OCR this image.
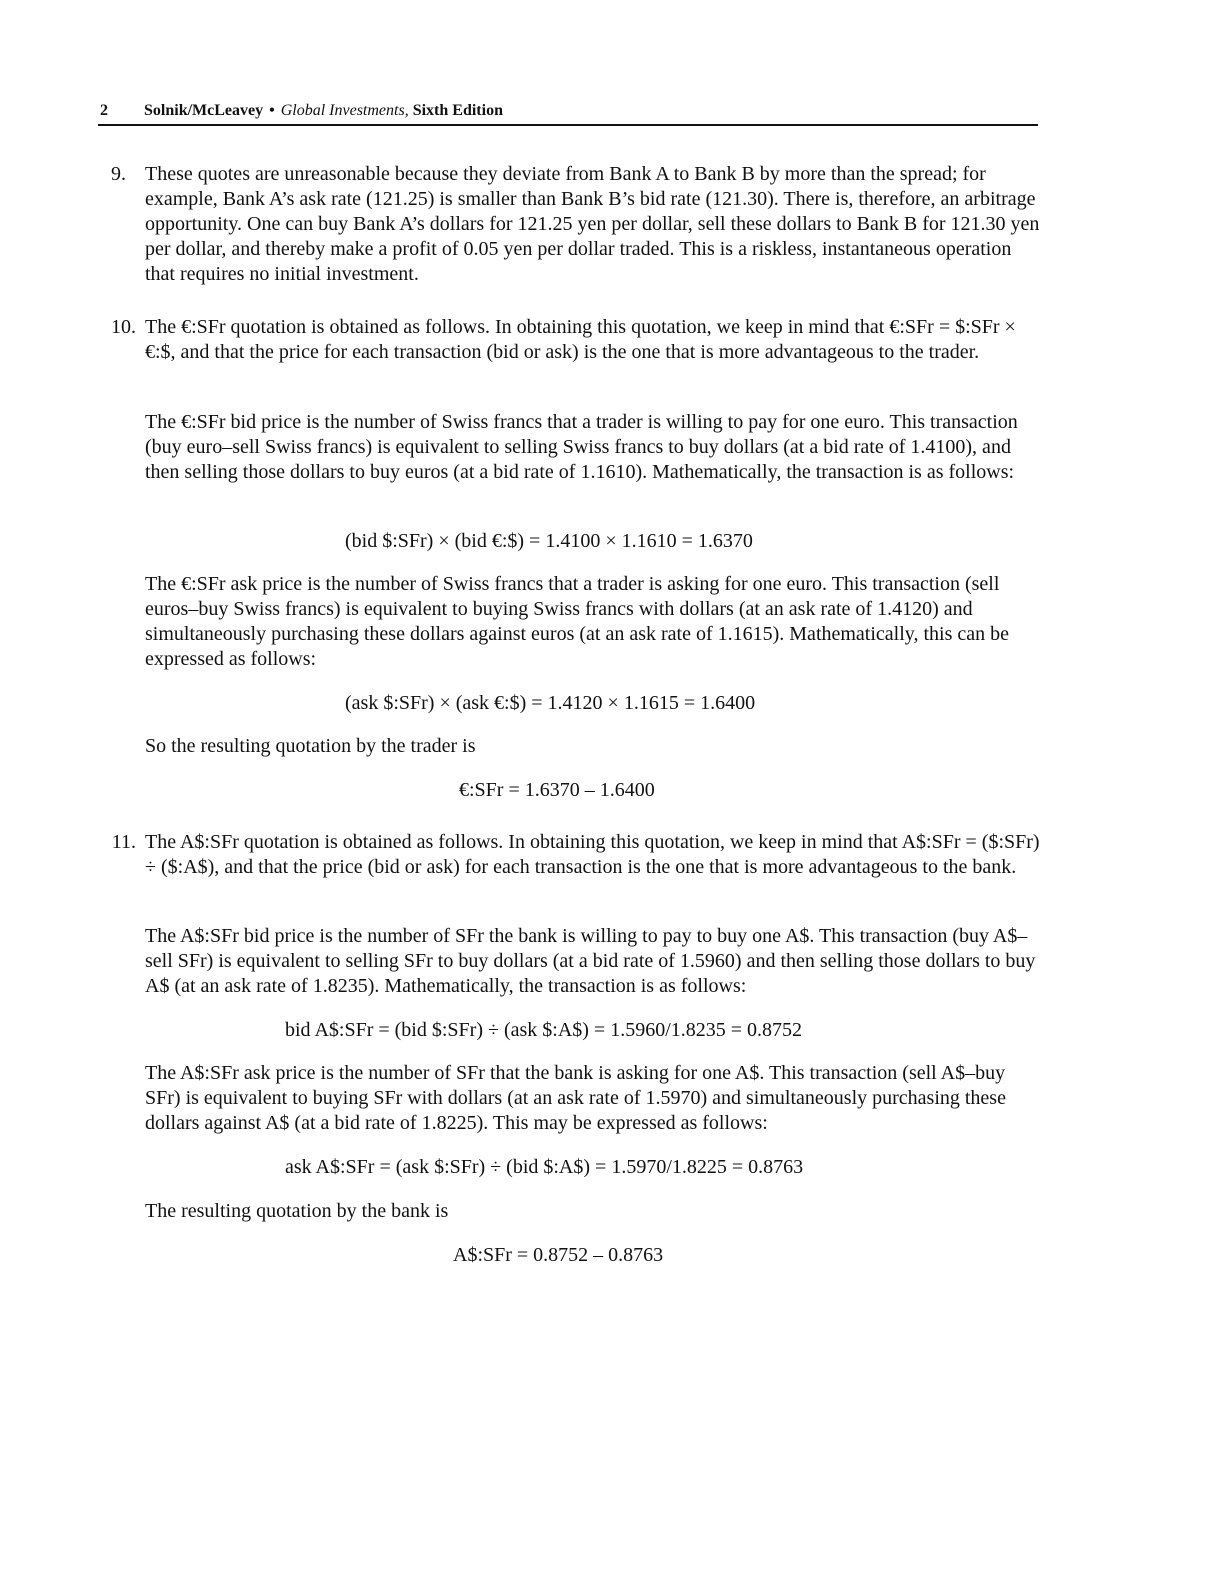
2 Solnik/McLeavey • Global Investments, Sixth Edition
9. These quotes are unreasonable because they deviate from Bank A to Bank B by more than the spread; for example, Bank A’s ask rate (121.25) is smaller than Bank B’s bid rate (121.30). There is, therefore, an arbitrage opportunity. One can buy Bank A’s dollars for 121.25 yen per dollar, sell these dollars to Bank B for 121.30 yen per dollar, and thereby make a profit of 0.05 yen per dollar traded. This is a riskless, instantaneous operation that requires no initial investment.

10. The €:SFr quotation is obtained as follows. In obtaining this quotation, we keep in mind that €:SFr = $:SFr × €:$, and that the price for each transaction (bid or ask) is the one that is more advantageous to the trader.

The €:SFr bid price is the number of Swiss francs that a trader is willing to pay for one euro. This transaction (buy euro–sell Swiss francs) is equivalent to selling Swiss francs to buy dollars (at a bid rate of 1.4100), and then selling those dollars to buy euros (at a bid rate of 1.1610). Mathematically, the transaction is as follows:

(bid $:SFr) × (bid €:$) = 1.4100 × 1.1610 = 1.6370

The €:SFr ask price is the number of Swiss francs that a trader is asking for one euro. This transaction (sell euros–buy Swiss francs) is equivalent to buying Swiss francs with dollars (at an ask rate of 1.4120) and simultaneously purchasing these dollars against euros (at an ask rate of 1.1615). Mathematically, this can be expressed as follows:

(ask $:SFr) × (ask €:$) = 1.4120 × 1.1615 = 1.6400

So the resulting quotation by the trader is

€:SFr = 1.6370 – 1.6400
11. The A$:SFr quotation is obtained as follows. In obtaining this quotation, we keep in mind that A$:SFr = ($:SFr) ÷ ($:A$), and that the price (bid or ask) for each transaction is the one that is more advantageous to the bank.

The A$:SFr bid price is the number of SFr the bank is willing to pay to buy one A$. This transaction (buy A$–sell SFr) is equivalent to selling SFr to buy dollars (at a bid rate of 1.5960) and then selling those dollars to buy A$ (at an ask rate of 1.8235). Mathematically, the transaction is as follows:

bid A$:SFr = (bid $:SFr) ÷ (ask $:A$) = 1.5960/1.8235 = 0.8752

The A$:SFr ask price is the number of SFr that the bank is asking for one A$. This transaction (sell A$–buy SFr) is equivalent to buying SFr with dollars (at an ask rate of 1.5970) and simultaneously purchasing these dollars against A$ (at a bid rate of 1.8225). This may be expressed as follows:

ask A$:SFr = (ask $:SFr) ÷ (bid $:A$) = 1.5970/1.8225 = 0.8763

The resulting quotation by the bank is

A$:SFr = 0.8752 – 0.8763
